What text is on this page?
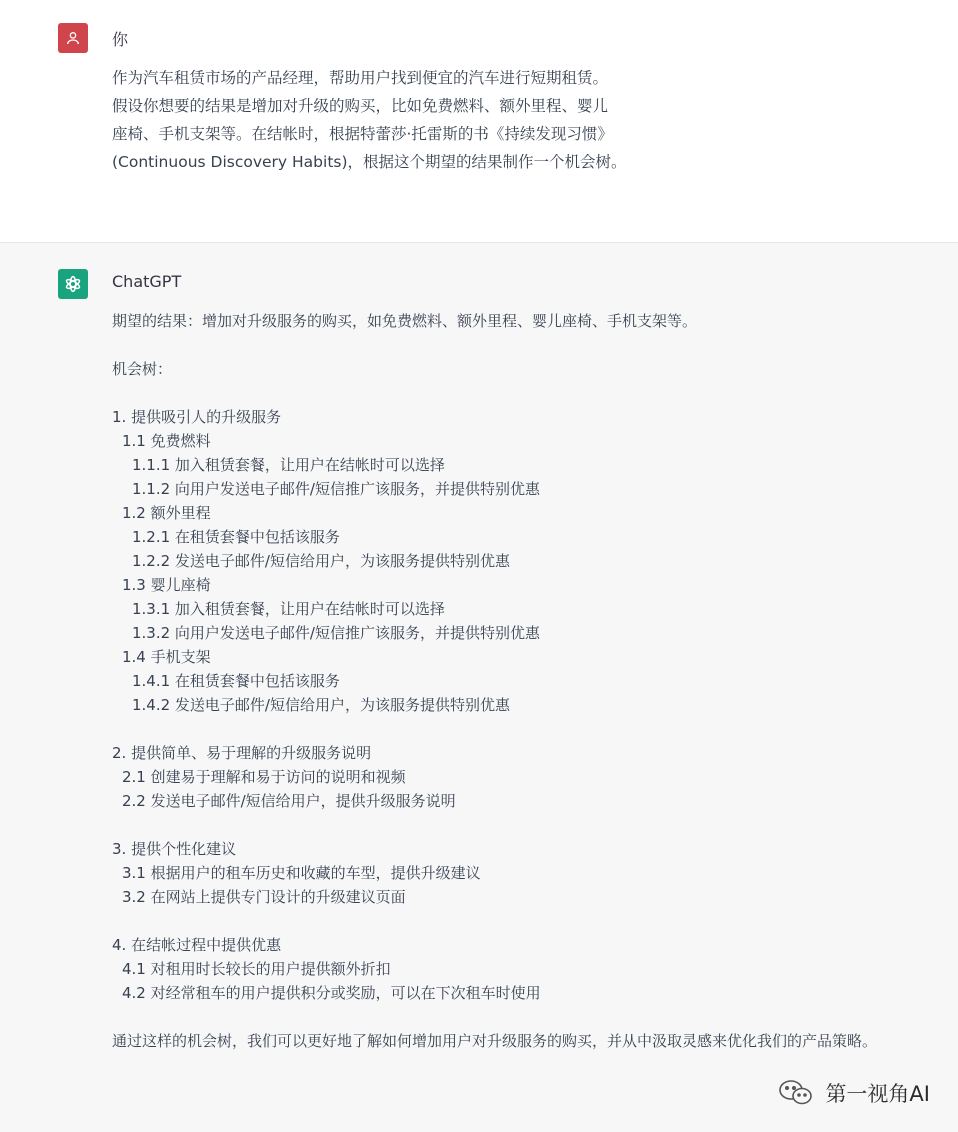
你
作为汽车租赁市场的产品经理，帮助用户找到便宜的汽车进行短期租赁。
假设你想要的结果是增加对升级的购买，比如免费燃料、额外里程、婴儿
座椅、手机支架等。在结帐时，根据特蕾莎·托雷斯的书《持续发现习惯》
(Continuous Discovery Habits)，根据这个期望的结果制作一个机会树。
ChatGPT
期望的结果：增加对升级服务的购买，如免费燃料、额外里程、婴儿座椅、手机支架等。
机会树：
1. 提供吸引人的升级服务
1.1 免费燃料
1.1.1 加入租赁套餐，让用户在结帐时可以选择
1.1.2 向用户发送电子邮件/短信推广该服务，并提供特别优惠
1.2 额外里程
1.2.1 在租赁套餐中包括该服务
1.2.2 发送电子邮件/短信给用户，为该服务提供特别优惠
1.3 婴儿座椅
1.3.1 加入租赁套餐，让用户在结帐时可以选择
1.3.2 向用户发送电子邮件/短信推广该服务，并提供特别优惠
1.4 手机支架
1.4.1 在租赁套餐中包括该服务
1.4.2 发送电子邮件/短信给用户，为该服务提供特别优惠
2. 提供简单、易于理解的升级服务说明
2.1 创建易于理解和易于访问的说明和视频
2.2 发送电子邮件/短信给用户，提供升级服务说明
3. 提供个性化建议
3.1 根据用户的租车历史和收藏的车型，提供升级建议
3.2 在网站上提供专门设计的升级建议页面
4. 在结帐过程中提供优惠
4.1 对租用时长较长的用户提供额外折扣
4.2 对经常租车的用户提供积分或奖励，可以在下次租车时使用
通过这样的机会树，我们可以更好地了解如何增加用户对升级服务的购买，并从中汲取灵感来优化我们的产品策略。
第一视角AI
